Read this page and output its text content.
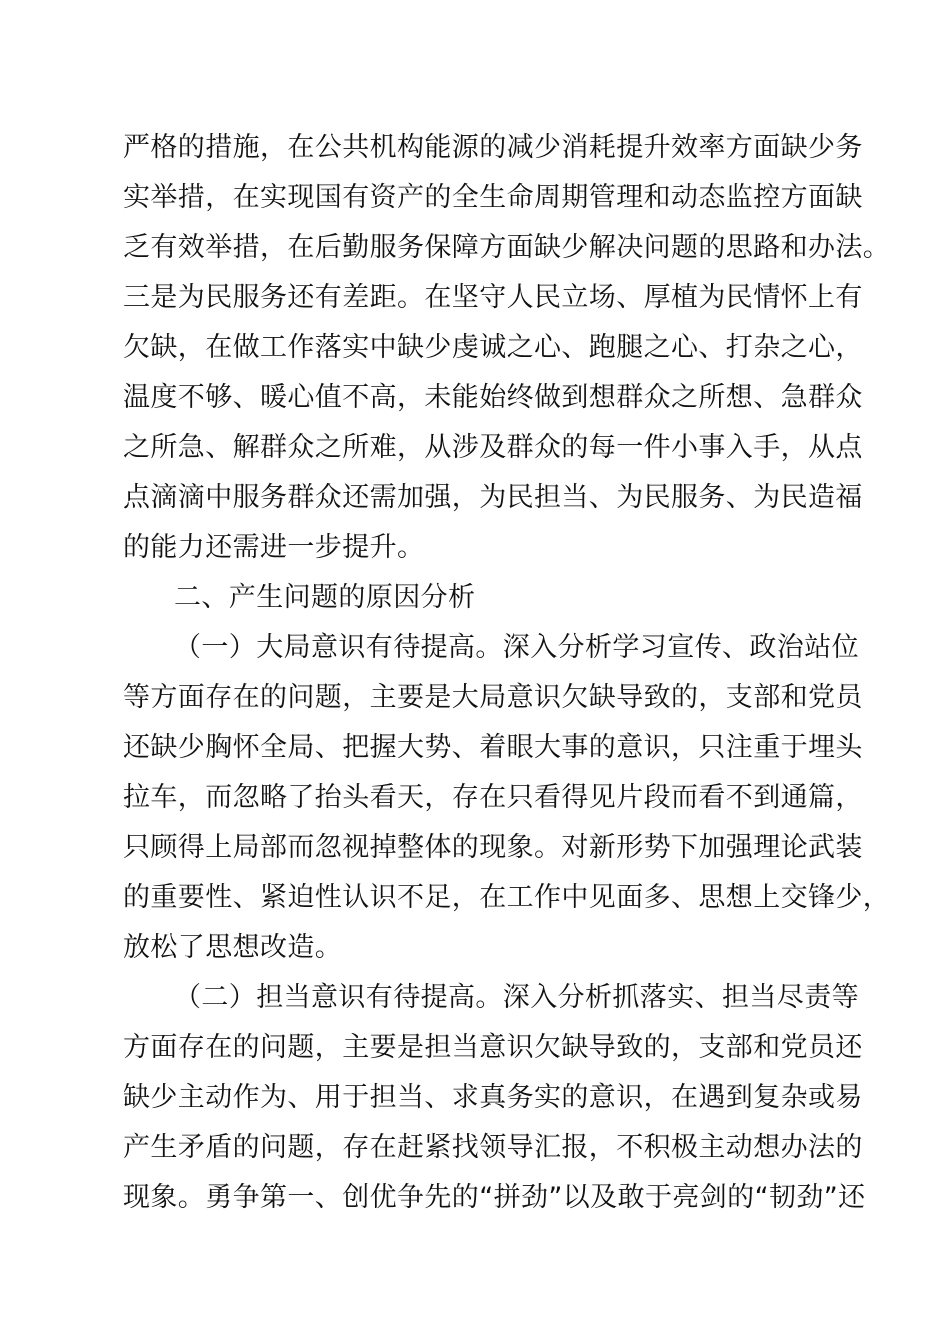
严格的措施，在公共机构能源的减少消耗提升效率方面缺少务
实举措，在实现国有资产的全生命周期管理和动态监控方面缺
乏有效举措，在后勤服务保障方面缺少解决问题的思路和办法。
三是为民服务还有差距。在坚守人民立场、厚植为民情怀上有
欠缺，在做工作落实中缺少虔诚之心、跑腿之心、打杂之心，
温度不够、暖心值不高，未能始终做到想群众之所想、急群众
之所急、解群众之所难，从涉及群众的每一件小事入手，从点
点滴滴中服务群众还需加强，为民担当、为民服务、为民造福
的能力还需进一步提升。
二、产生问题的原因分析
（一）大局意识有待提高。深入分析学习宣传、政治站位
等方面存在的问题，主要是大局意识欠缺导致的，支部和党员
还缺少胸怀全局、把握大势、着眼大事的意识，只注重于埋头
拉车，而忽略了抬头看天，存在只看得见片段而看不到通篇，
只顾得上局部而忽视掉整体的现象。对新形势下加强理论武装
的重要性、紧迫性认识不足，在工作中见面多、思想上交锋少，
放松了思想改造。
（二）担当意识有待提高。深入分析抓落实、担当尽责等
方面存在的问题，主要是担当意识欠缺导致的，支部和党员还
缺少主动作为、用于担当、求真务实的意识，在遇到复杂或易
产生矛盾的问题，存在赶紧找领导汇报，不积极主动想办法的
现象。勇争第一、创优争先的“拼劲”以及敢于亮剑的“韧劲”还
